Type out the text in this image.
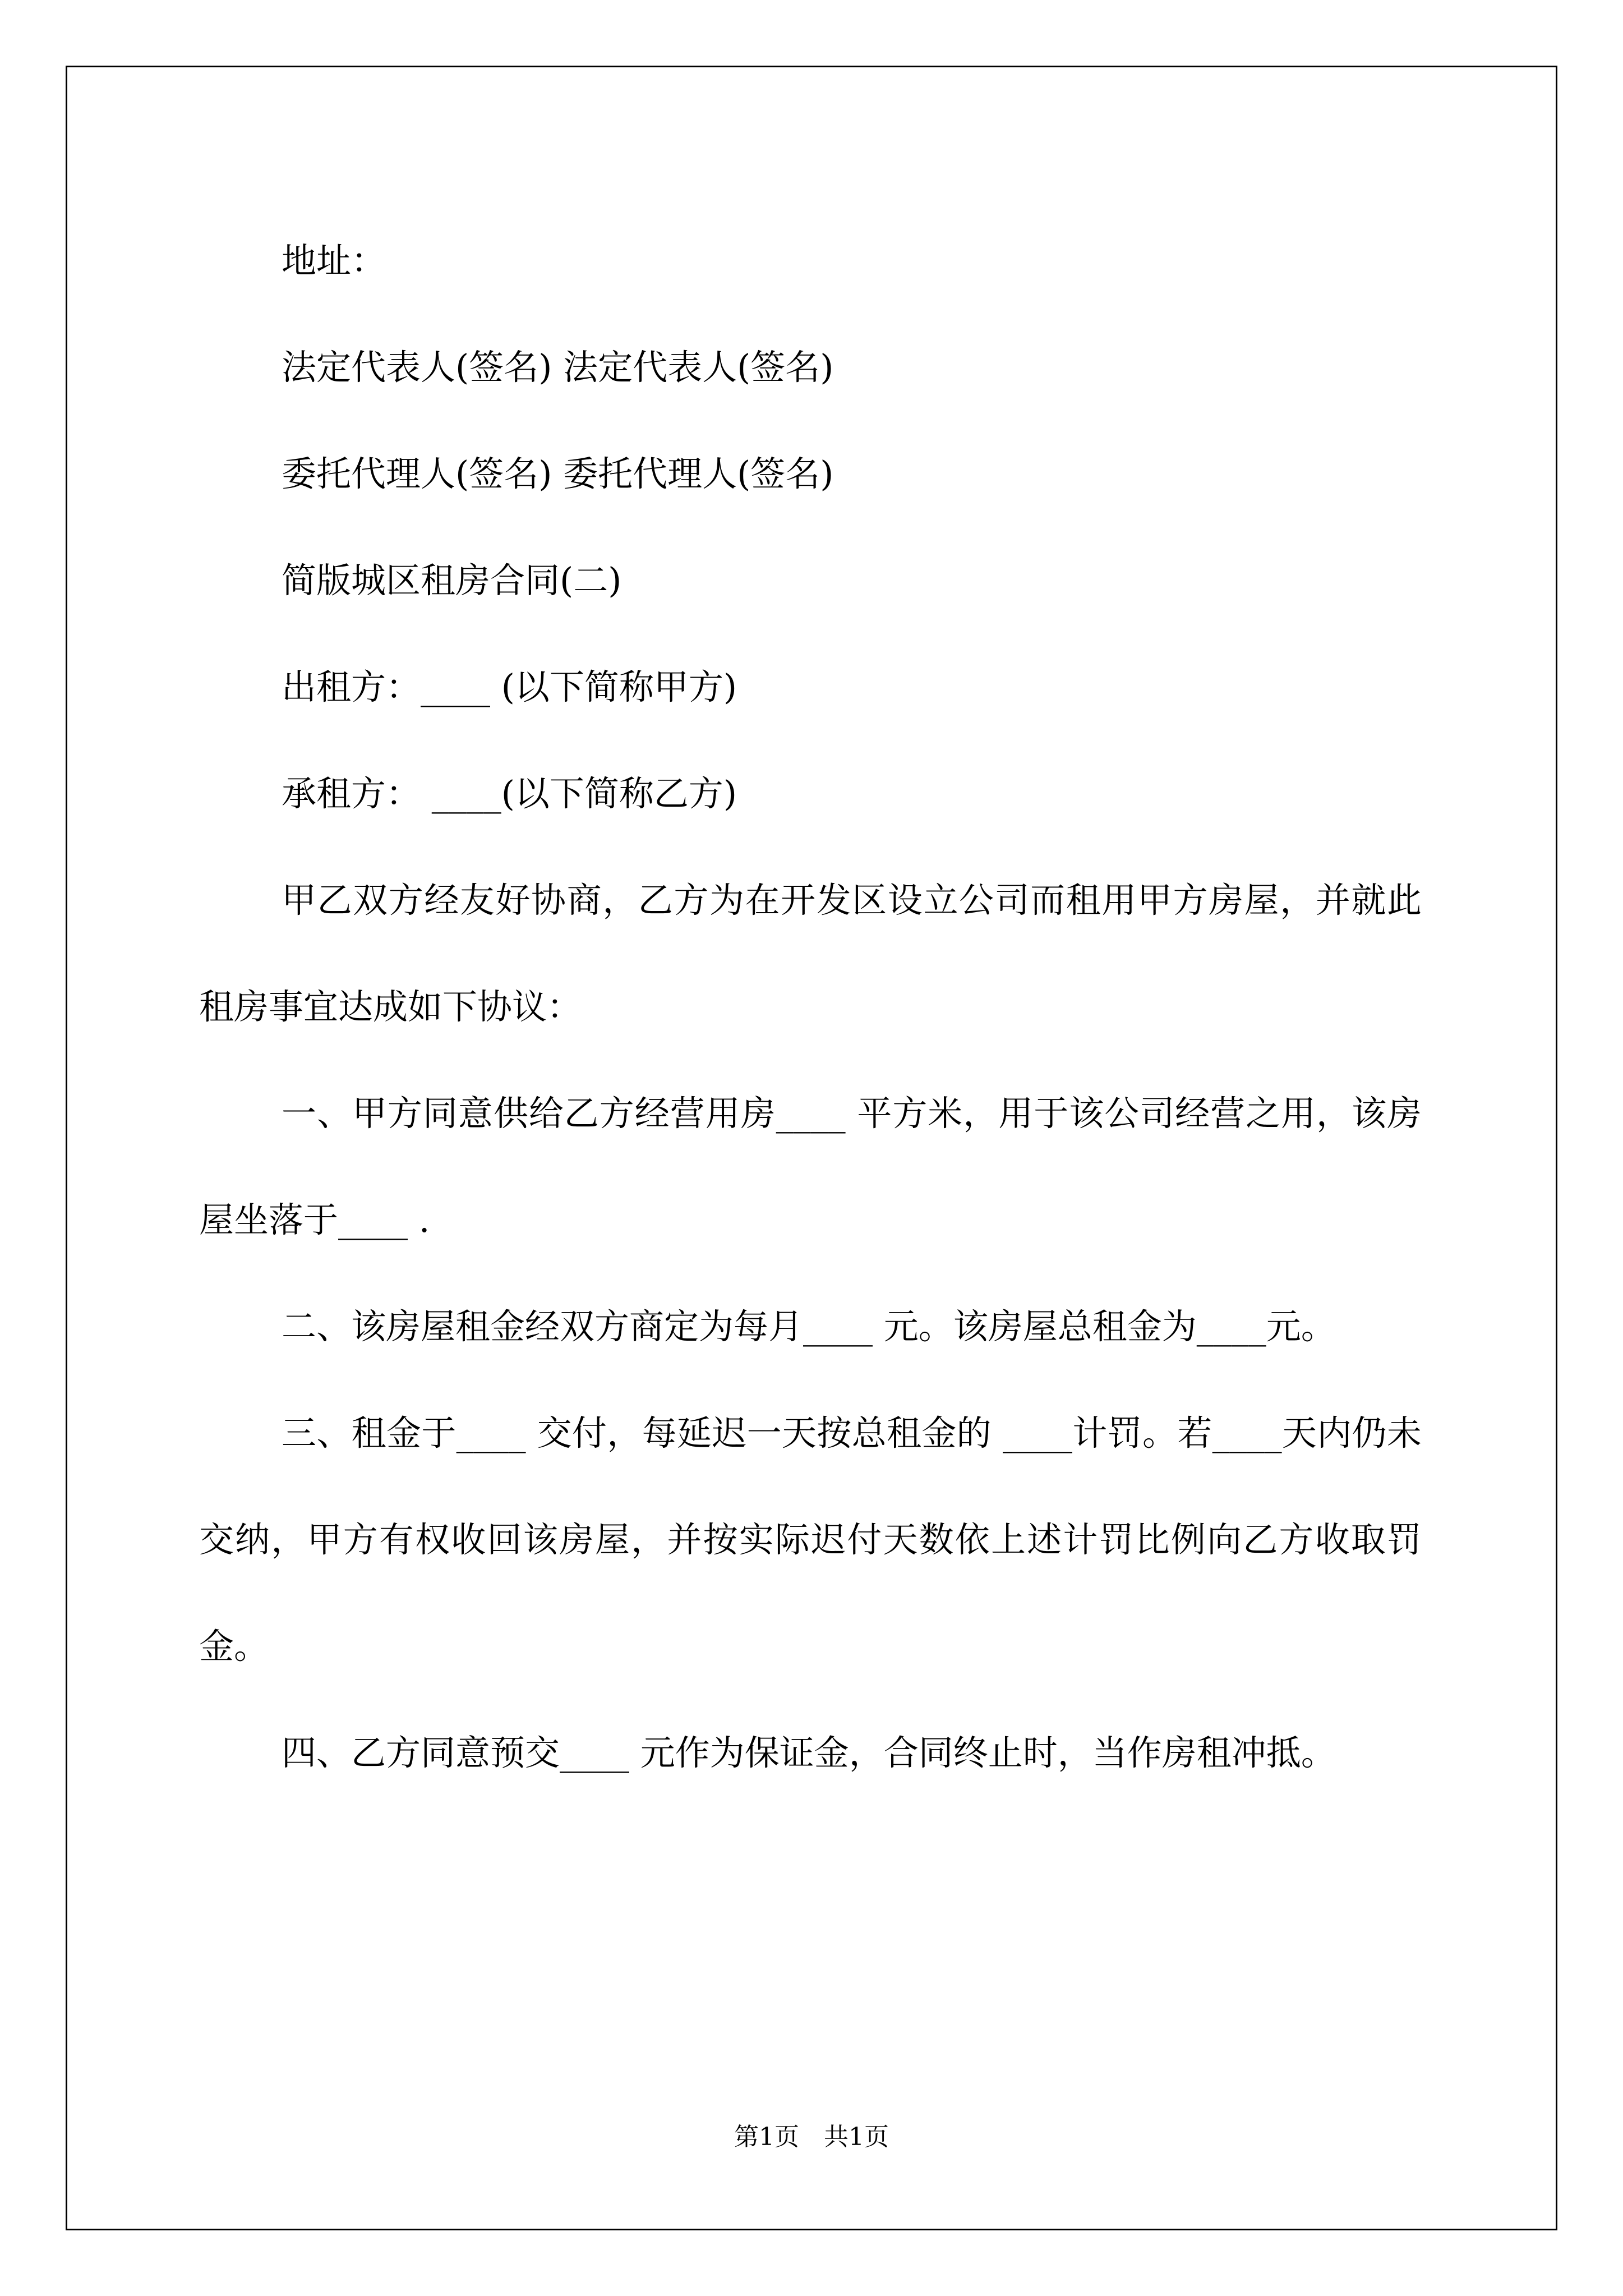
地址：

法定代表人(签名) 法定代表人(签名)

委托代理人(签名) 委托代理人(签名)

简版城区租房合同(二)

出租方：____ (以下简称甲方)

承租方： ____(以下简称乙方)

甲乙双方经友好协商，乙方为在开发区设立公司而租用甲方房屋，并就此租房事宜达成如下协议：

一、甲方同意供给乙方经营用房____ 平方米，用于该公司经营之用，该房屋坐落于____ .

二、该房屋租金经双方商定为每月____ 元。该房屋总租金为____元。

三、租金于____ 交付，每延迟一天按总租金的 ____计罚。若____天内仍未交纳，甲方有权收回该房屋，并按实际迟付天数依上述计罚比例向乙方收取罚金。

四、乙方同意预交____ 元作为保证金，合同终止时，当作房租冲抵。

第1页　共1页
